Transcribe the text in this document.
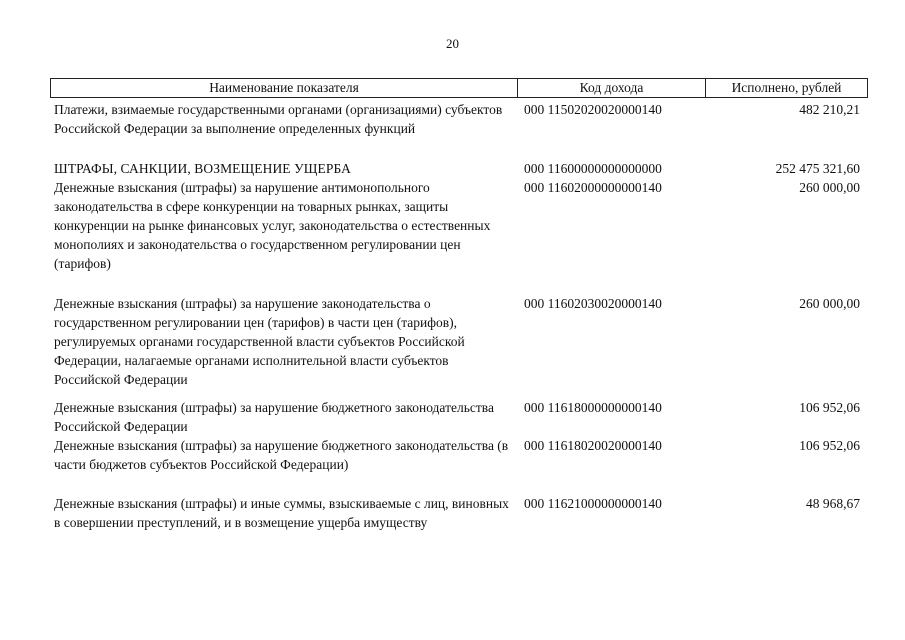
20
Наименование показателя	Код дохода	Исполнено, рублей
Платежи, взимаемые государственными органами (организациями) субъектов Российской Федерации за выполнение определенных функций
000 11502020020000140	482 210,21
ШТРАФЫ, САНКЦИИ, ВОЗМЕЩЕНИЕ УЩЕРБА	000 11600000000000000	252 475 321,60
Денежные взыскания (штрафы) за нарушение антимонопольного законодательства в сфере конкуренции на товарных рынках, защиты конкуренции на рынке финансовых услуг, законодательства о естественных монополиях и законодательства о государственном регулировании цен (тарифов)
000 11602000000000140	260 000,00
Денежные взыскания (штрафы) за нарушение законодательства о государственном регулировании цен (тарифов) в части цен (тарифов), регулируемых органами государственной власти субъектов Российской Федерации, налагаемые органами исполнительной власти субъектов Российской Федерации
000 11602030020000140	260 000,00
Денежные взыскания (штрафы) за нарушение бюджетного законодательства Российской Федерации
000 11618000000000140	106 952,06
Денежные взыскания (штрафы) за нарушение бюджетного законодательства (в части бюджетов субъектов Российской Федерации)
000 11618020020000140	106 952,06
Денежные взыскания (штрафы) и иные суммы, взыскиваемые с лиц, виновных в совершении преступлений, и в возмещение ущерба имуществу
000 11621000000000140	48 968,67
